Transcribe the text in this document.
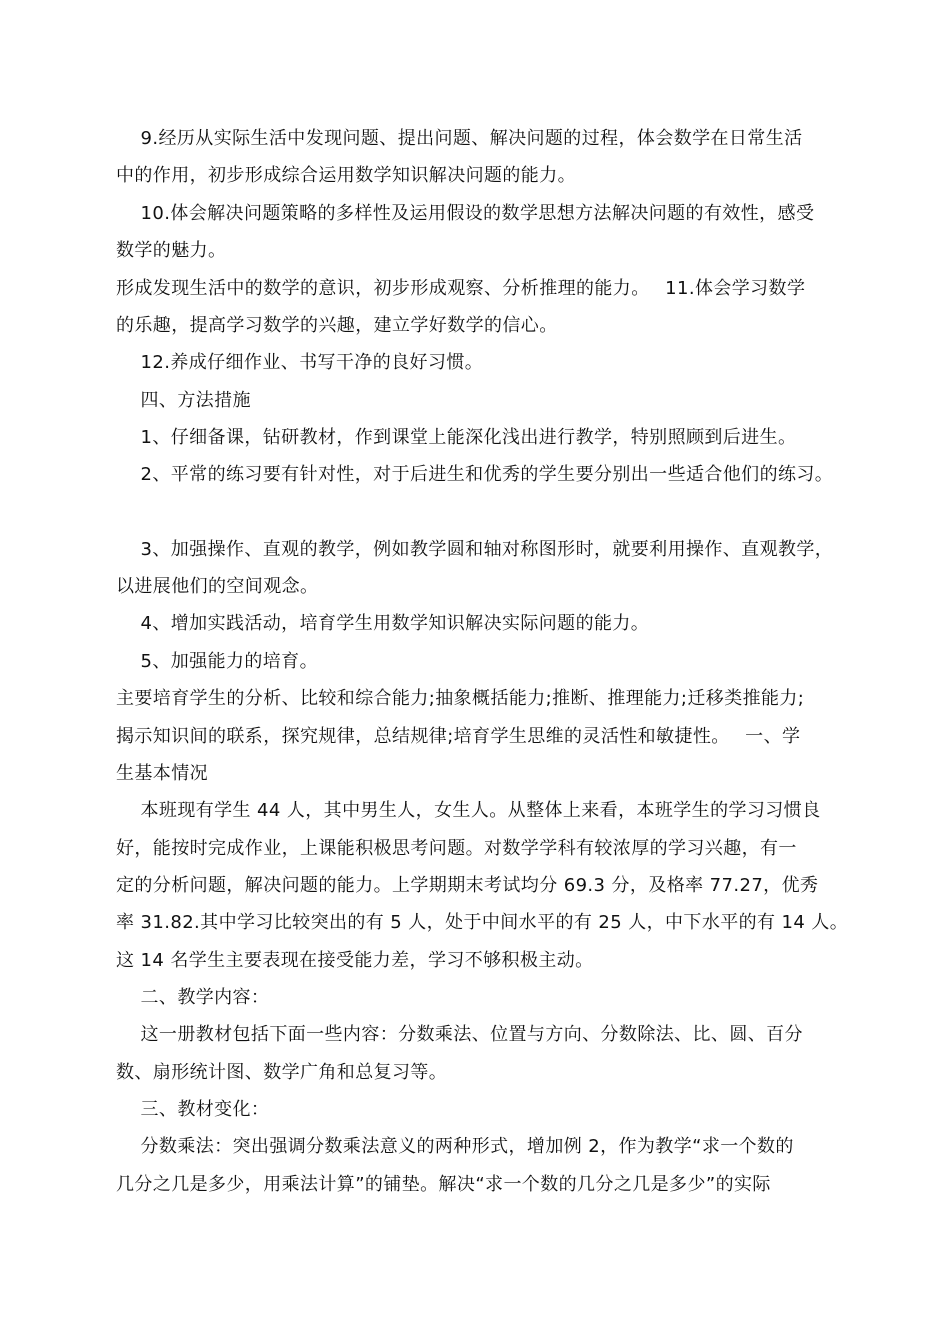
　 9.经历从实际生活中发现问题、提出问题、解决问题的过程，体会数学在日常生活

中的作用，初步形成综合运用数学知识解决问题的能力。

　 10.体会解决问题策略的多样性及运用假设的数学思想方法解决问题的有效性，感受

数学的魅力。

形成发现生活中的数学的意识，初步形成观察、分析推理的能力。　 11.体会学习数学

的乐趣，提高学习数学的兴趣，建立学好数学的信心。

　 12.养成仔细作业、书写干净的良好习惯。

　 四、方法措施

　 1、仔细备课，钻研教材，作到课堂上能深化浅出进行教学，特别照顾到后进生。

　 2、平常的练习要有针对性，对于后进生和优秀的学生要分别出一些适合他们的练习。

　 3、加强操作、直观的教学，例如教学圆和轴对称图形时，就要利用操作、直观教学，

以进展他们的空间观念。

　 4、增加实践活动，培育学生用数学知识解决实际问题的能力。

　 5、加强能力的培育。

主要培育学生的分析、比较和综合能力;抽象概括能力;推断、推理能力;迁移类推能力;

揭示知识间的联系，探究规律，总结规律;培育学生思维的灵活性和敏捷性。　 一、学

生基本情况

　 本班现有学生 44 人，其中男生人，女生人。从整体上来看，本班学生的学习习惯良

好，能按时完成作业，上课能积极思考问题。对数学学科有较浓厚的学习兴趣，有一

定的分析问题，解决问题的能力。上学期期末考试均分 69.3 分，及格率 77.27，优秀

率 31.82.其中学习比较突出的有 5 人，处于中间水平的有 25 人，中下水平的有 14 人。

这 14 名学生主要表现在接受能力差，学习不够积极主动。

　 二、教学内容：

　 这一册教材包括下面一些内容：分数乘法、位置与方向、分数除法、比、圆、百分

数、扇形统计图、数学广角和总复习等。

　 三、教材变化：

　 分数乘法：突出强调分数乘法意义的两种形式，增加例 2，作为教学“求一个数的

几分之几是多少，用乘法计算”的铺垫。解决“求一个数的几分之几是多少”的实际
